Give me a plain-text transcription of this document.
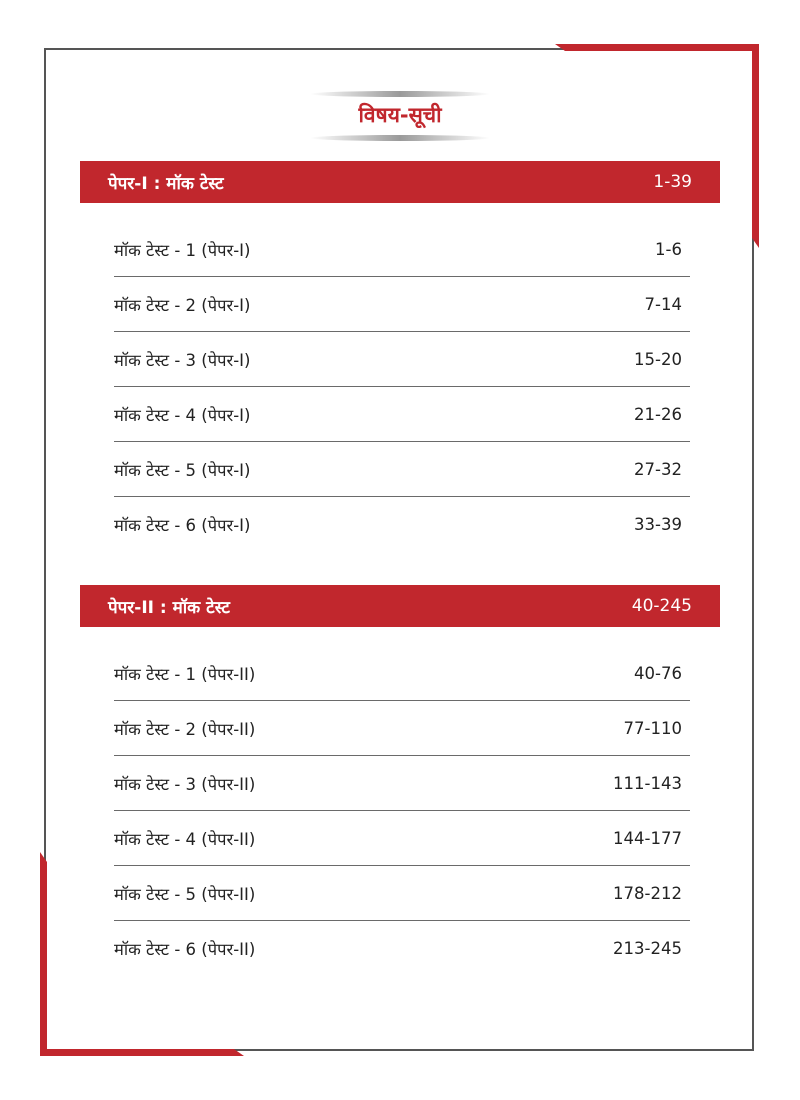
विषय-सूची
पेपर-I : मॉक टेस्ट	1-39
मॉक टेस्ट - 1 (पेपर-I)	1-6
मॉक टेस्ट - 2 (पेपर-I)	7-14
मॉक टेस्ट - 3 (पेपर-I)	15-20
मॉक टेस्ट - 4 (पेपर-I)	21-26
मॉक टेस्ट - 5 (पेपर-I)	27-32
मॉक टेस्ट - 6 (पेपर-I)	33-39
पेपर-II : मॉक टेस्ट	40-245
मॉक टेस्ट - 1 (पेपर-II)	40-76
मॉक टेस्ट - 2 (पेपर-II)	77-110
मॉक टेस्ट - 3 (पेपर-II)	111-143
मॉक टेस्ट - 4 (पेपर-II)	144-177
मॉक टेस्ट - 5 (पेपर-II)	178-212
मॉक टेस्ट - 6 (पेपर-II)	213-245
